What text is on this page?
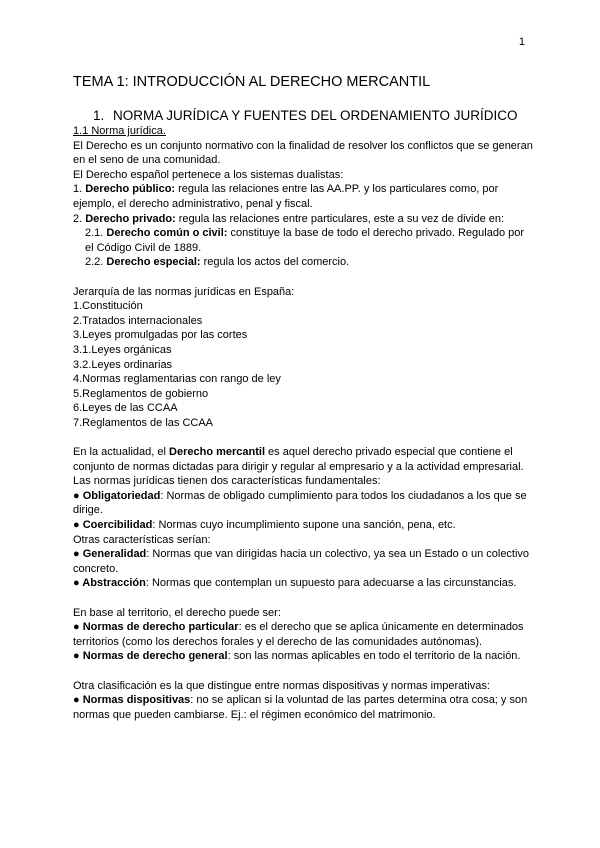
1
TEMA 1: INTRODUCCIÓN AL DERECHO MERCANTIL
1. NORMA JURÍDICA Y FUENTES DEL ORDENAMIENTO JURÍDICO

1.1 Norma jurídica.

El Derecho es un conjunto normativo con la finalidad de resolver los conflictos que se generan en el seno de una comunidad.

El Derecho español pertenece a los sistemas dualistas:

1. Derecho público: regula las relaciones entre las AA.PP. y los particulares como, por ejemplo, el derecho administrativo, penal y fiscal.

2. Derecho privado: regula las relaciones entre particulares, este a su vez de divide en:

2.1. Derecho común o civil: constituye la base de todo el derecho privado. Regulado por el Código Civil de 1889.

2.2. Derecho especial: regula los actos del comercio.

Jerarquía de las normas jurídicas en España:

1.Constitución

2.Tratados internacionales

3.Leyes promulgadas por las cortes

3.1.Leyes orgánicas

3.2.Leyes ordinarias

4.Normas reglamentarias con rango de ley

5.Reglamentos de gobierno

6.Leyes de las CCAA

7.Reglamentos de las CCAA

En la actualidad, el Derecho mercantil es aquel derecho privado especial que contiene el conjunto de normas dictadas para dirigir y regular al empresario y a la actividad empresarial.

Las normas jurídicas tienen dos características fundamentales:

● Obligatoriedad: Normas de obligado cumplimiento para todos los ciudadanos a los que se dirige.

● Coercibilidad: Normas cuyo incumplimiento supone una sanción, pena, etc.

Otras características serían:

● Generalidad: Normas que van dirigidas hacia un colectivo, ya sea un Estado o un colectivo concreto.

● Abstracción: Normas que contemplan un supuesto para adecuarse a las circunstancias.

En base al territorio, el derecho puede ser:

● Normas de derecho particular: es el derecho que se aplica únicamente en determinados territorios (como los derechos forales y el derecho de las comunidades autónomas).

● Normas de derecho general: son las normas aplicables en todo el territorio de la nación.

Otra clasificación es la que distingue entre normas dispositivas y normas imperativas:

● Normas dispositivas: no se aplican si la voluntad de las partes determina otra cosa; y son normas que pueden cambiarse. Ej.: el régimen económico del matrimonio.
